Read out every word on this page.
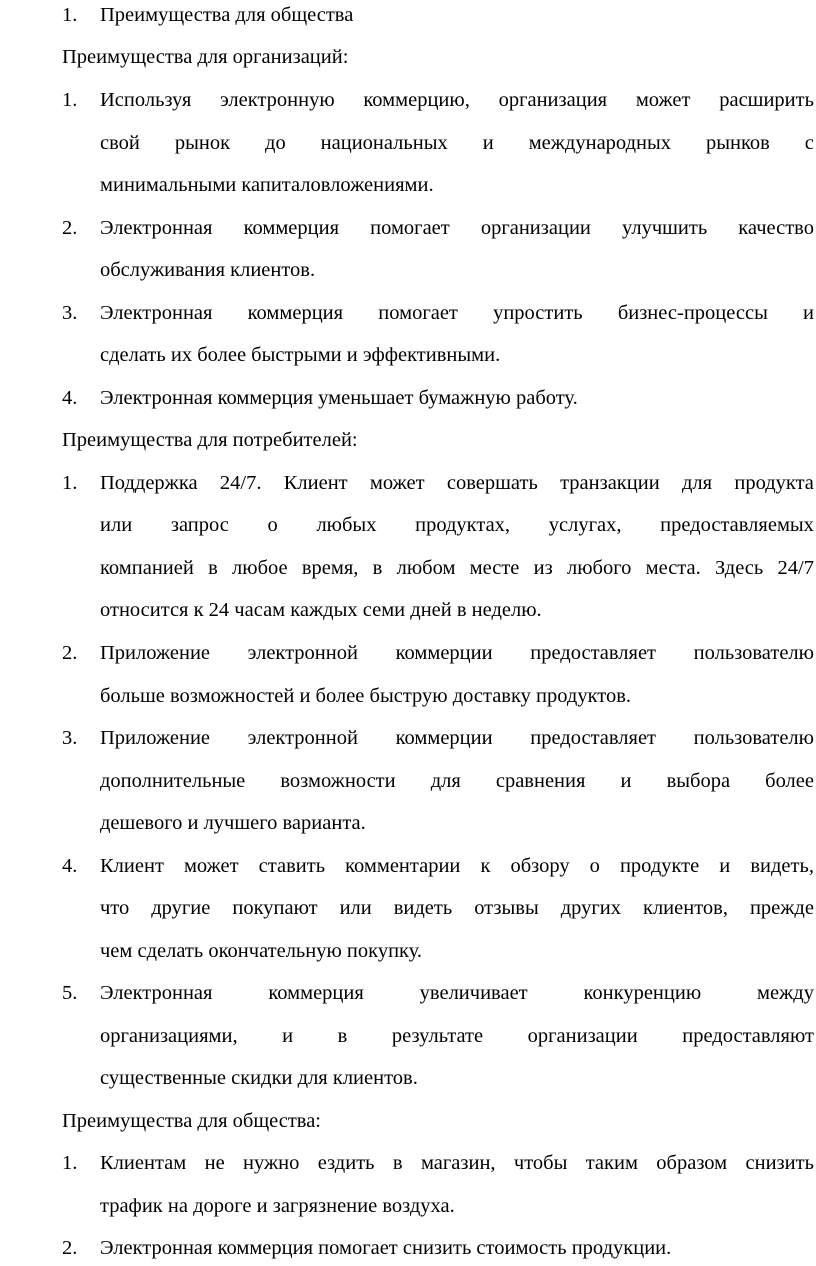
1. Преимущества для общества
Преимущества для организаций:
1. Используя электронную коммерцию, организация может расширить
свой рынок до национальных и международных рынков с
минимальными капиталовложениями.
2. Электронная коммерция помогает организации улучшить качество
обслуживания клиентов.
3. Электронная коммерция помогает упростить бизнес-процессы и
сделать их более быстрыми и эффективными.
4. Электронная коммерция уменьшает бумажную работу.
Преимущества для потребителей:
1. Поддержка 24/7. Клиент может совершать транзакции для продукта
или запрос о любых продуктах, услугах, предоставляемых
компанией в любое время, в любом месте из любого места. Здесь 24/7
относится к 24 часам каждых семи дней в неделю.
2. Приложение электронной коммерции предоставляет пользователю
больше возможностей и более быструю доставку продуктов.
3. Приложение электронной коммерции предоставляет пользователю
дополнительные возможности для сравнения и выбора более
дешевого и лучшего варианта.
4. Клиент может ставить комментарии к обзору о продукте и видеть,
что другие покупают или видеть отзывы других клиентов, прежде
чем сделать окончательную покупку.
5. Электронная	коммерция	увеличивает	конкуренцию	между
организациями, и в результате организации предоставляют
существенные скидки для клиентов.
Преимущества для общества:
1. Клиентам не нужно ездить в магазин, чтобы таким образом снизить
трафик на дороге и загрязнение воздуха.
2. Электронная коммерция помогает снизить стоимость продукции.
